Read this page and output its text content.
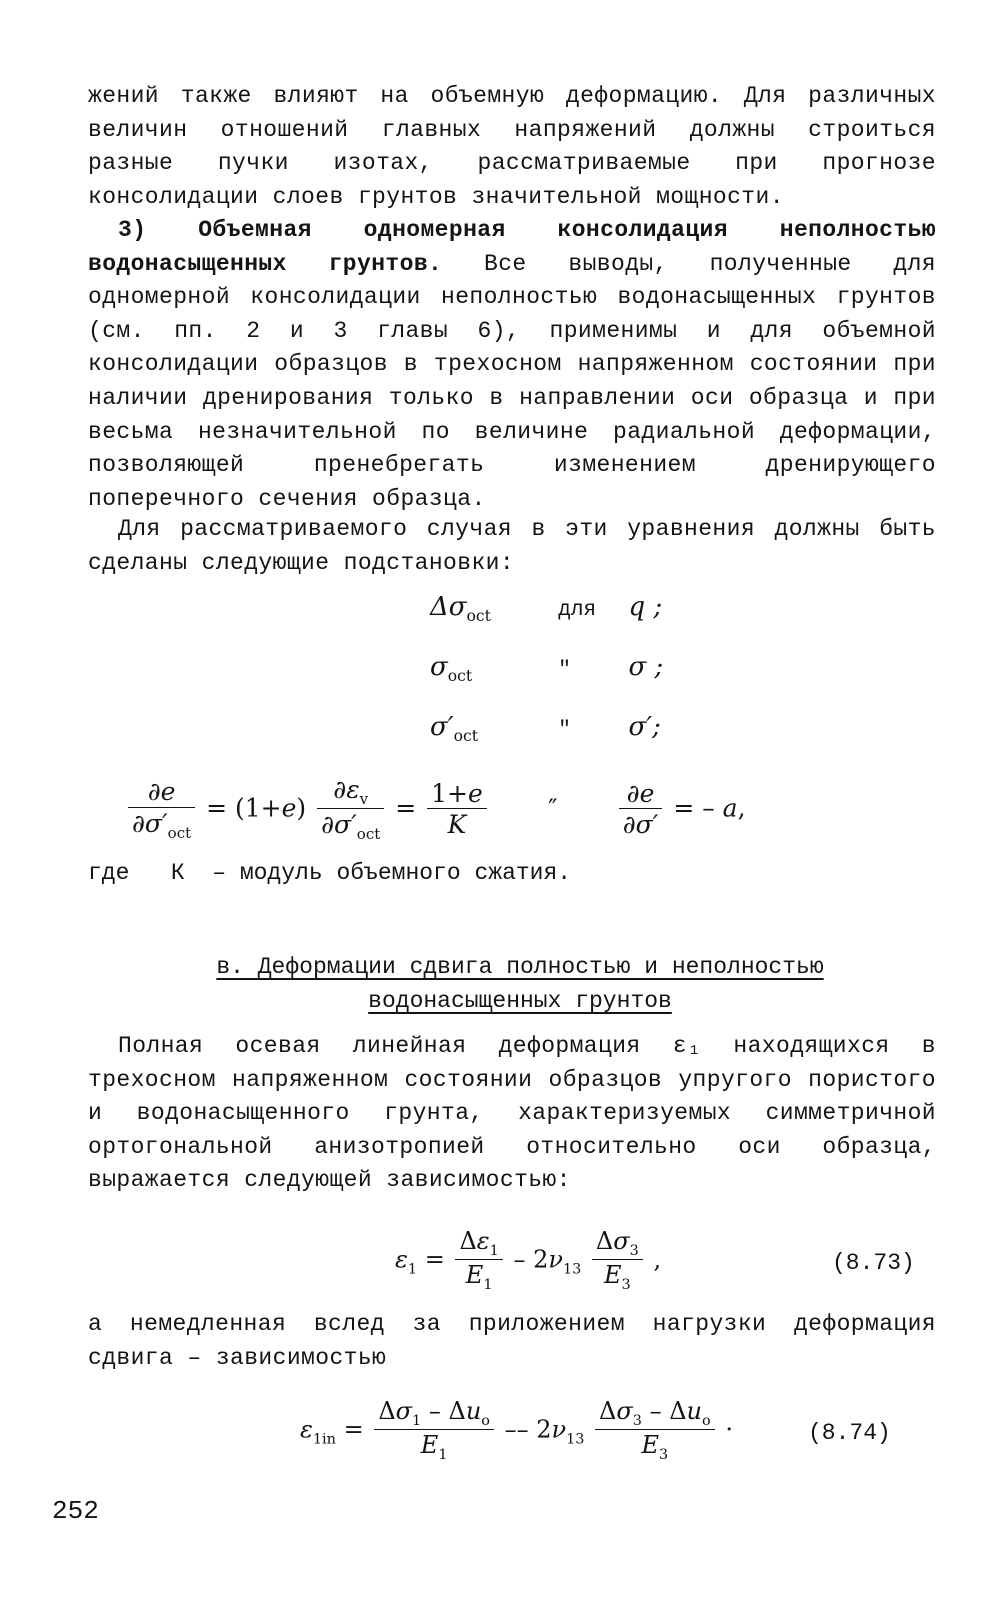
жений также влияют на объемную деформацию. Для различных величин отношений главных напряжений должны строиться разные пучки изотах, рассматриваемые при прогнозе консолидации слоев грунтов значительной мощности.
3) Объемная одномерная консолидация неполностью водонасыщенных грунтов. Все выводы, полученные для одномерной консолидации неполностью водонасыщенных грунтов (см. пп. 2 и 3 главы 6), применимы и для объемной консолидации образцов в трехосном напряженном состоянии при наличии дренирования только в направлении оси образца и при весьма незначительной по величине радиальной деформации, позволяющей пренебрегать изменением дренирующего поперечного сечения образца.
Для рассматриваемого случая в эти уравнения должны быть сделаны следующие подстановки:
$\Delta\sigma_{oct}$	для q ;
$\sigma_{oct}$	″ σ ;
$\sigma'_{oct}$	″ σ′;
$\frac{\partial e}{\partial\sigma'_{oct}} = (1+e) \frac{\partial\varepsilon_v}{\partial\sigma'_{oct}} = \frac{1+e}{K}$ ″ $\frac{\partial e}{\partial\sigma'}$ = – a,
где   К  – модуль объемного сжатия.
в. Деформации сдвига полностью и неполностью
водонасыщенных грунтов
Полная осевая линейная деформация ε₁ находящихся в трехосном напряженном состоянии образцов упругого пористого и водонасыщенного грунта, характеризуемых симметричной ортогональной анизотропией относительно оси образца, выражается следующей зависимостью:
$\varepsilon_1 = \frac{\Delta\varepsilon_1}{E_1} - 2\nu_{13} \frac{\Delta\sigma_3}{E_3}$ ,	(8.73)
а немедленная вслед за приложением нагрузки деформация сдвига – зависимостью
$\varepsilon_{1in} = \frac{\Delta\sigma_1 - \Delta u_o}{E_1} -- 2\nu_{13} \frac{\Delta\sigma_3 - \Delta u_o}{E_3}$ ·	(8.74)
252
